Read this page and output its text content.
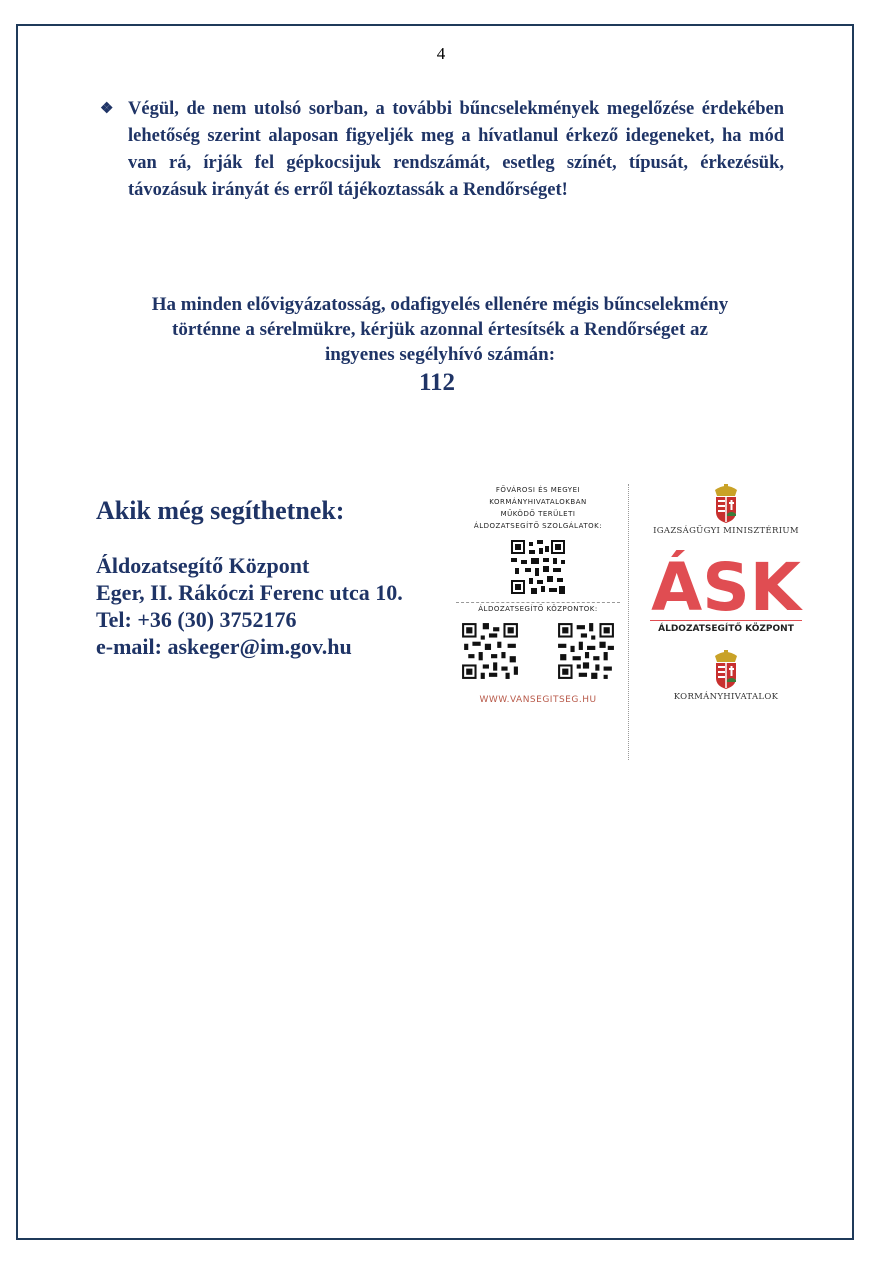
4
❖ Végül, de nem utolsó sorban, a további bűncselekmények megelőzése érdekében lehetőség szerint alaposan figyeljék meg a hívatlanul érkező idegeneket, ha mód van rá, írják fel gépkocsijuk rendszámát, esetleg színét, típusát, érkezésük, távozásuk irányát és erről tájékoztassák a Rendőrséget!
Ha minden elővigyázatosság, odafigyelés ellenére mégis bűncselekmény
történne a sérelmükre, kérjük azonnal értesítsék a Rendőrséget az
ingyenes segélyhívó számán:
112
Akik még segíthetnek:
Áldozatsegítő Központ
Eger, II. Rákóczi Ferenc utca 10.
Tel: +36 (30) 3752176
e-mail: askeger@im.gov.hu
FŐVÁROSI ÉS MEGYEI
KORMÁNYHIVATALOKBAN
MŰKÖDŐ TERÜLETI
ÁLDOZATSEGÍTŐ SZOLGÁLATOK:
ÁLDOZATSEGÍTŐ KÖZPONTOK:
WWW.VANSEGITSEG.HU
IGAZSÁGÜGYI MINISZTÉRIUM
ÁSK
ÁLDOZATSEGÍTŐ KÖZPONT
KORMÁNYHIVATALOK
